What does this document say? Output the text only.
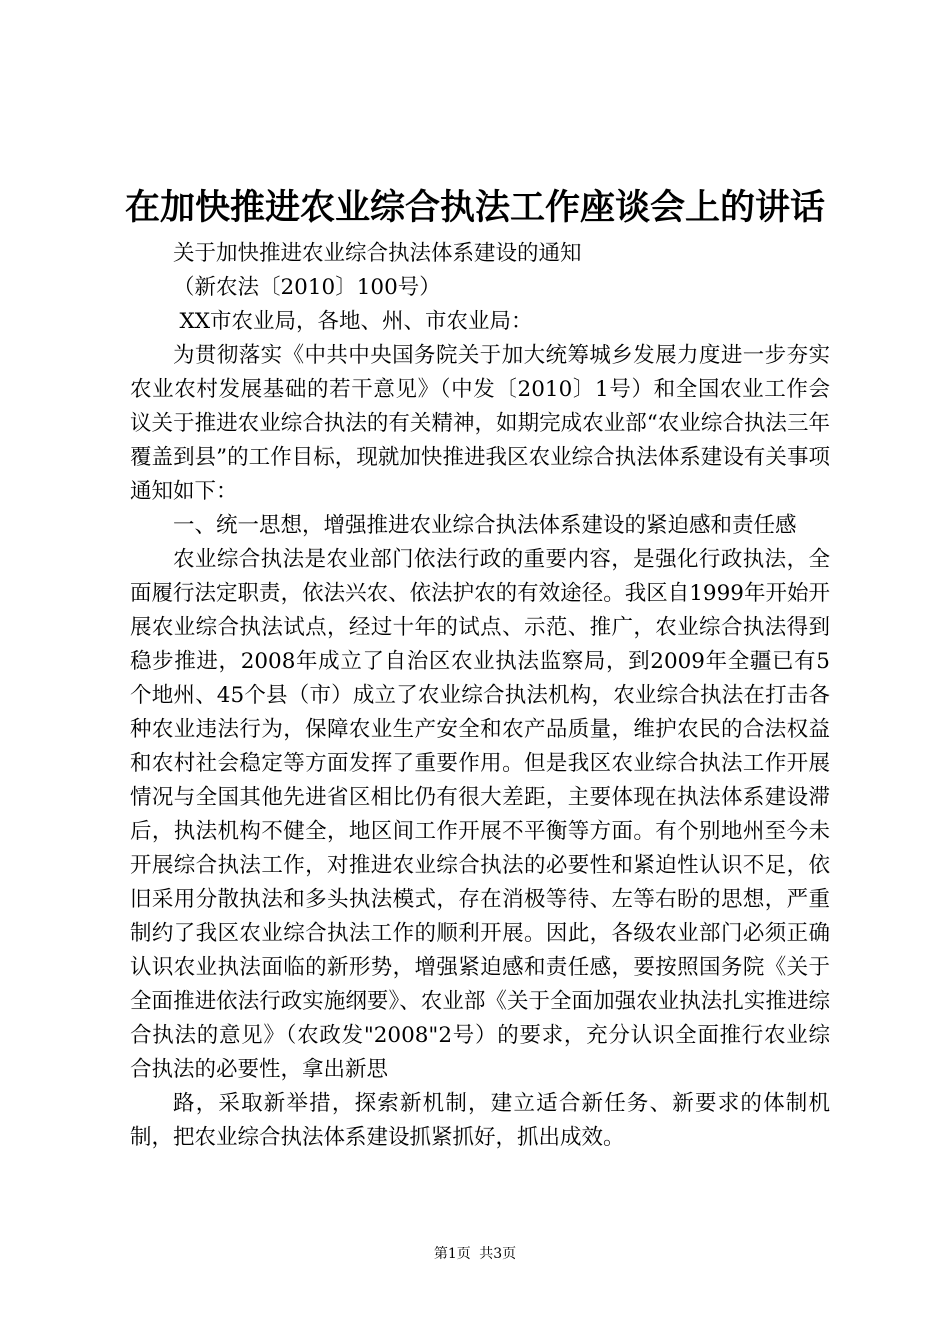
在加快推进农业综合执法工作座谈会上的讲话

关于加快推进农业综合执法体系建设的通知

（新农法〔2010〕100号）

XX市农业局，各地、州、市农业局：

为贯彻落实《中共中央国务院关于加大统筹城乡发展力度进一步夯实农业农村发展基础的若干意见》（中发〔2010〕1号）和全国农业工作会议关于推进农业综合执法的有关精神，如期完成农业部“农业综合执法三年覆盖到县”的工作目标，现就加快推进我区农业综合执法体系建设有关事项通知如下：

一、统一思想，增强推进农业综合执法体系建设的紧迫感和责任感

农业综合执法是农业部门依法行政的重要内容，是强化行政执法，全面履行法定职责，依法兴农、依法护农的有效途径。我区自1999年开始开展农业综合执法试点，经过十年的试点、示范、推广，农业综合执法得到稳步推进，2008年成立了自治区农业执法监察局，到2009年全疆已有5个地州、45个县（市）成立了农业综合执法机构，农业综合执法在打击各种农业违法行为，保障农业生产安全和农产品质量，维护农民的合法权益和农村社会稳定等方面发挥了重要作用。但是我区农业综合执法工作开展情况与全国其他先进省区相比仍有很大差距，主要体现在执法体系建设滞后，执法机构不健全，地区间工作开展不平衡等方面。有个别地州至今未开展综合执法工作，对推进农业综合执法的必要性和紧迫性认识不足，依旧采用分散执法和多头执法模式，存在消极等待、左等右盼的思想，严重制约了我区农业综合执法工作的顺利开展。因此，各级农业部门必须正确认识农业执法面临的新形势，增强紧迫感和责任感，要按照国务院《关于全面推进依法行政实施纲要》、农业部《关于全面加强农业执法扎实推进综合执法的意见》（农政发"2008"2号）的要求，充分认识全面推行农业综合执法的必要性，拿出新思

路，采取新举措，探索新机制，建立适合新任务、新要求的体制机制，把农业综合执法体系建设抓紧抓好，抓出成效。

第1页 共3页
